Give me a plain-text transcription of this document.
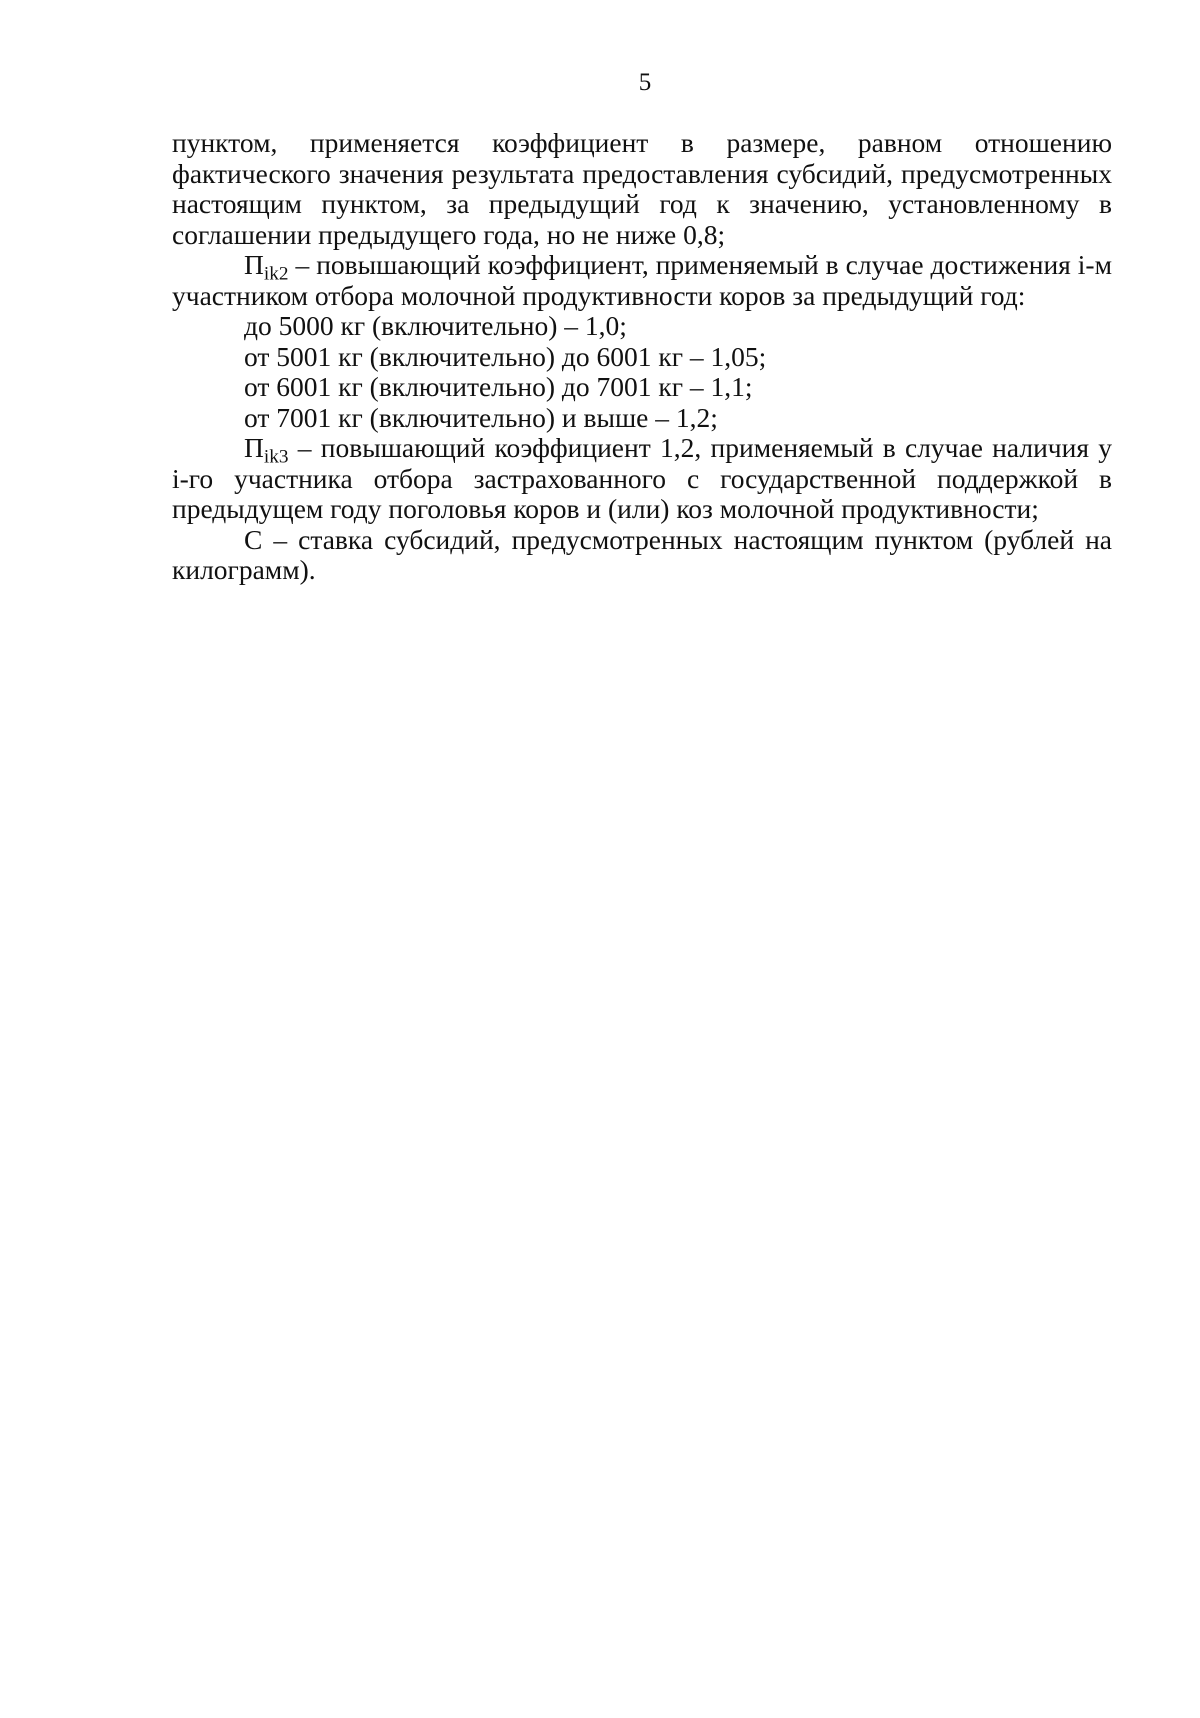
5

пунктом, применяется коэффициент в размере, равном отношению фактического значения результата предоставления субсидий, предусмотренных настоящим пунктом, за предыдущий год к значению, установленному в соглашении предыдущего года, но не ниже 0,8;

$П_{ik2}$ – повышающий коэффициент, применяемый в случае достижения i-м участником отбора молочной продуктивности коров за предыдущий год:

до 5000 кг (включительно) – 1,0;

от 5001 кг (включительно) до 6001 кг – 1,05;

от 6001 кг (включительно) до 7001 кг – 1,1;

от 7001 кг (включительно) и выше – 1,2;

$П_{ik3}$ – повышающий коэффициент 1,2, применяемый в случае наличия у i-го участника отбора застрахованного с государственной поддержкой в предыдущем году поголовья коров и (или) коз молочной продуктивности;

С – ставка субсидий, предусмотренных настоящим пунктом (рублей на килограмм).
